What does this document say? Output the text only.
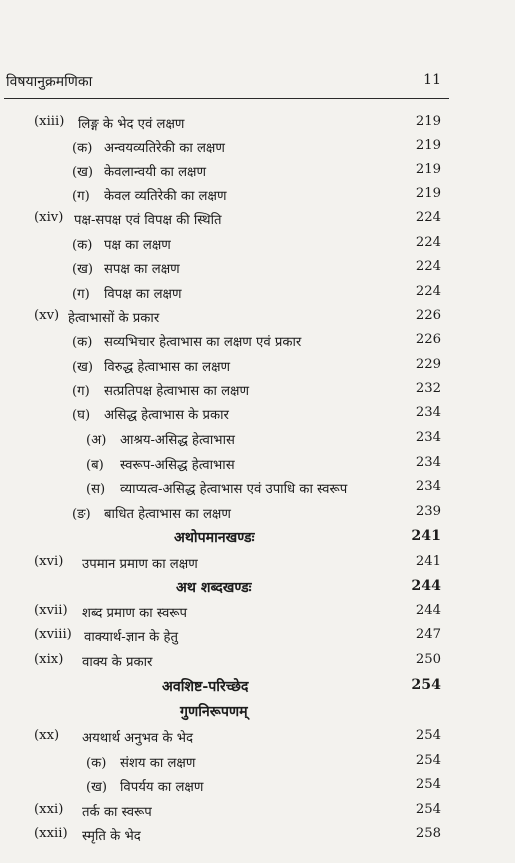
विषयानुक्रमणिका	11
(xiii) लिङ्ग के भेद एवं लक्षण	219
(क) अन्वयव्यतिरेकी का लक्षण	219
(ख) केवलान्वयी का लक्षण	219
(ग) केवल व्यतिरेकी का लक्षण	219
(xiv) पक्ष-सपक्ष एवं विपक्ष की स्थिति	224
(क) पक्ष का लक्षण	224
(ख) सपक्ष का लक्षण	224
(ग) विपक्ष का लक्षण	224
(xv) हेत्वाभासों के प्रकार	226
(क) सव्यभिचार हेत्वाभास का लक्षण एवं प्रकार	226
(ख) विरुद्ध हेत्वाभास का लक्षण	229
(ग) सत्प्रतिपक्ष हेत्वाभास का लक्षण	232
(घ) असिद्ध हेत्वाभास के प्रकार	234
(अ) आश्रय-असिद्ध हेत्वाभास	234
(ब) स्वरूप-असिद्ध हेत्वाभास	234
(स) व्याप्यत्व-असिद्ध हेत्वाभास एवं उपाधि का स्वरूप	234
(ङ) बाधित हेत्वाभास का लक्षण	239
अथोपमानखण्डः	241
(xvi) उपमान प्रमाण का लक्षण	241
अथ शब्दखण्डः	244
(xvii) शब्द प्रमाण का स्वरूप	244
(xviii) वाक्यार्थ-ज्ञान के हेतु	247
(xix) वाक्य के प्रकार	250
अवशिष्ट-परिच्छेद	254
गुणनिरूपणम्
(xx) अयथार्थ अनुभव के भेद	254
(क) संशय का लक्षण	254
(ख) विपर्यय का लक्षण	254
(xxi) तर्क का स्वरूप	254
(xxii) स्मृति के भेद	258
